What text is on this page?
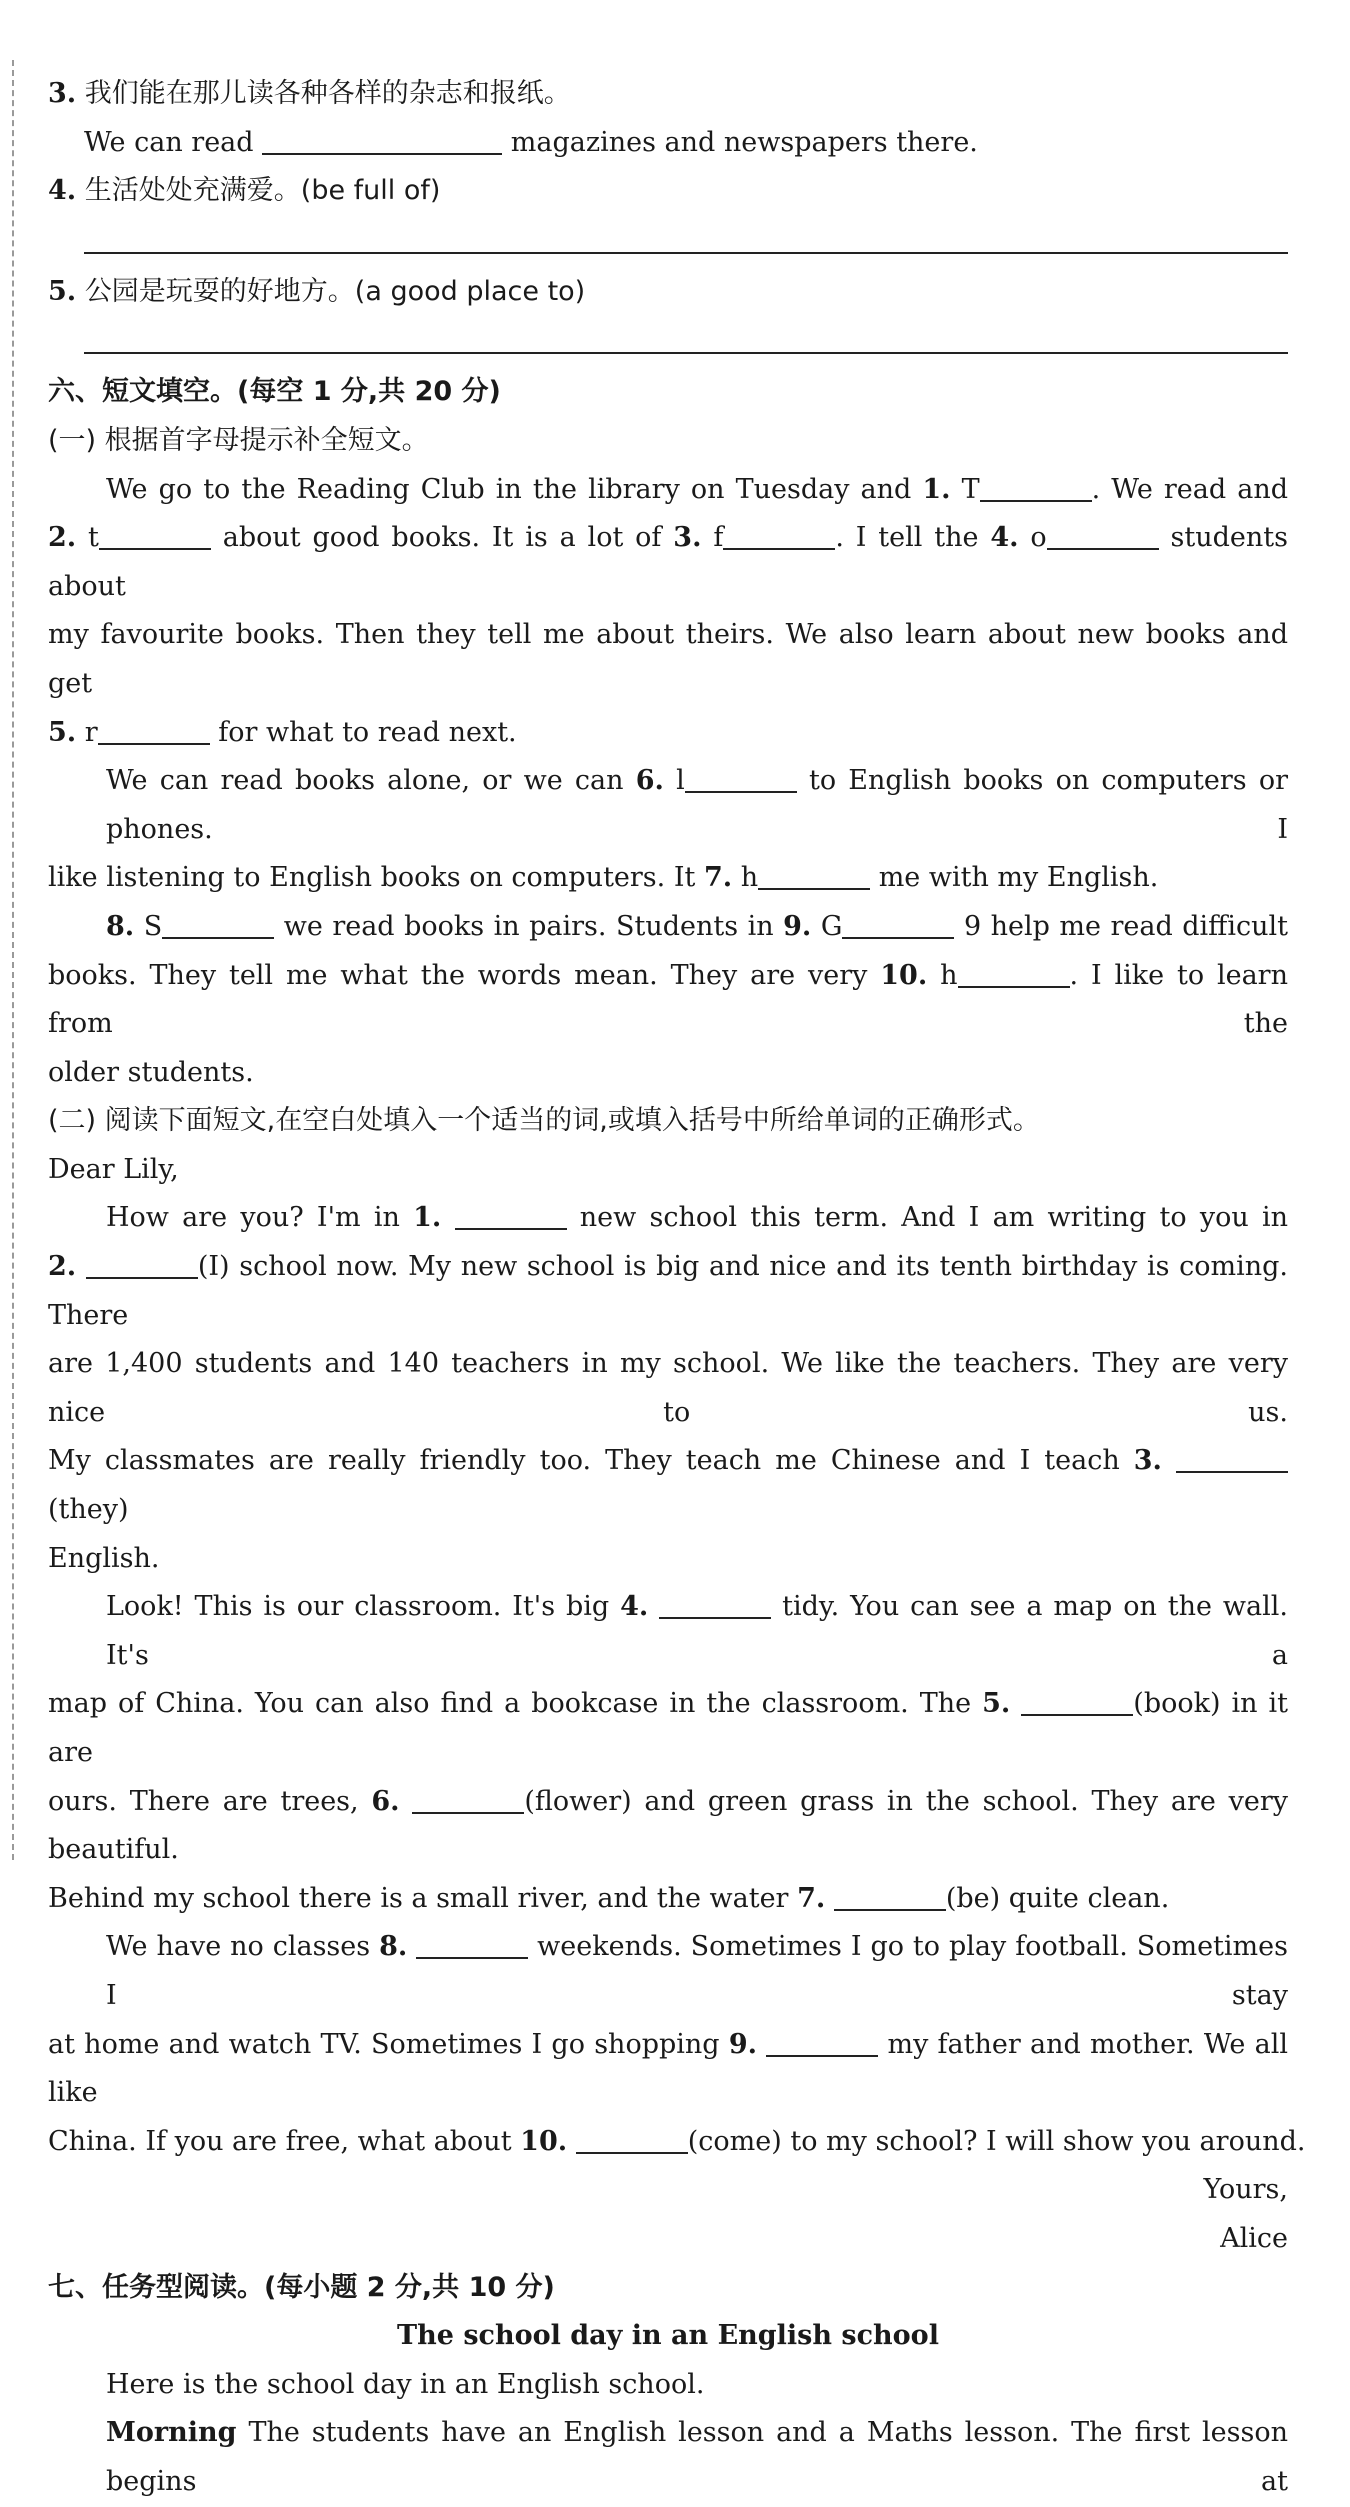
3. 我们能在那儿读各种各样的杂志和报纸。
We can read	magazines and newspapers there.
4. 生活处处充满爱。(be full of)
5. 公园是玩耍的好地方。(a good place to)
六、短文填空。(每空 1 分,共 20 分)
(一) 根据首字母提示补全短文。
We go to the Reading Club in the library on Tuesday and 1. T	. We read and
2. t	about good books. It is a lot of 3. f	. I tell the 4. o	students about
my favourite books. Then they tell me about theirs. We also learn about new books and get
5. r	for what to read next.
We can read books alone, or we can 6. l	to English books on computers or phones. I
like listening to English books on computers. It 7. h	me with my English.
8. S	we read books in pairs. Students in 9. G	9 help me read difficult
books. They tell me what the words mean. They are very 10. h	. I like to learn from the
older students.
(二) 阅读下面短文,在空白处填入一个适当的词,或填入括号中所给单词的正确形式。
Dear Lily,
How are you? I'm in 1.	new school this term. And I am writing to you in
2.	(I) school now. My new school is big and nice and its tenth birthday is coming. There
are 1,400 students and 140 teachers in my school. We like the teachers. They are very nice to us.
My classmates are really friendly too. They teach me Chinese and I teach 3. (they)
English.
Look! This is our classroom. It's big 4.	tidy. You can see a map on the wall. It's a
map of China. You can also find a bookcase in the classroom. The 5.	(book) in it are
ours. There are trees, 6.	(flower) and green grass in the school. They are very beautiful.
Behind my school there is a small river, and the water 7.	(be) quite clean.
We have no classes 8.	weekends. Sometimes I go to play football. Sometimes I stay
at home and watch TV. Sometimes I go shopping 9.	my father and mother. We all like
China. If you are free, what about 10.	(come) to my school? I will show you around.
Yours,
Alice
七、任务型阅读。(每小题 2 分,共 10 分)
The school day in an English school
Here is the school day in an English school.
Morning The students have an English lesson and a Maths lesson. The first lesson begins at
